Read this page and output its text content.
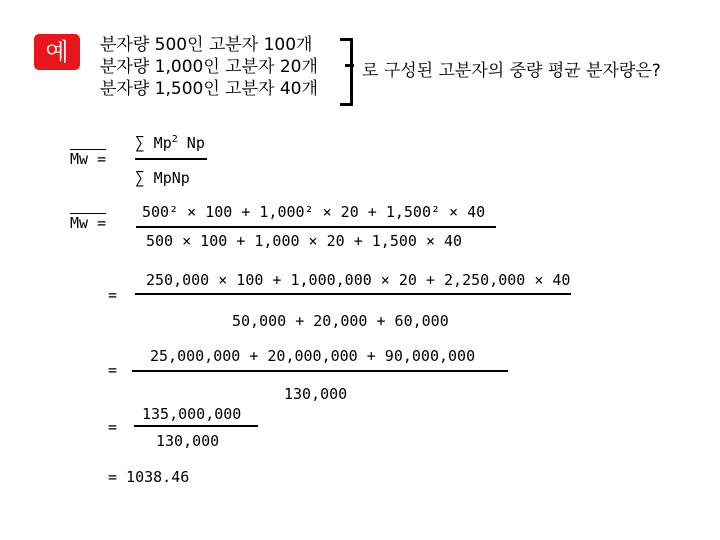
예	분자량 500인 고분자 100개
분자량 1,000인 고분자 20개
분자량 1,500인 고분자 40개
로 구성된 고분자의 중량 평균 분자량은?
Mw =
∑ Mp$^2$ Np
∑ MpNp
Mw =
500² × 100 + 1,000² × 20 + 1,500² × 40
500 × 100 + 1,000 × 20 + 1,500 × 40
=
250,000 × 100 + 1,000,000 × 20 + 2,250,000 × 40
50,000 + 20,000 + 60,000
=
25,000,000 + 20,000,000 + 90,000,000
130,000
=
135,000,000
130,000
= 1038.46
